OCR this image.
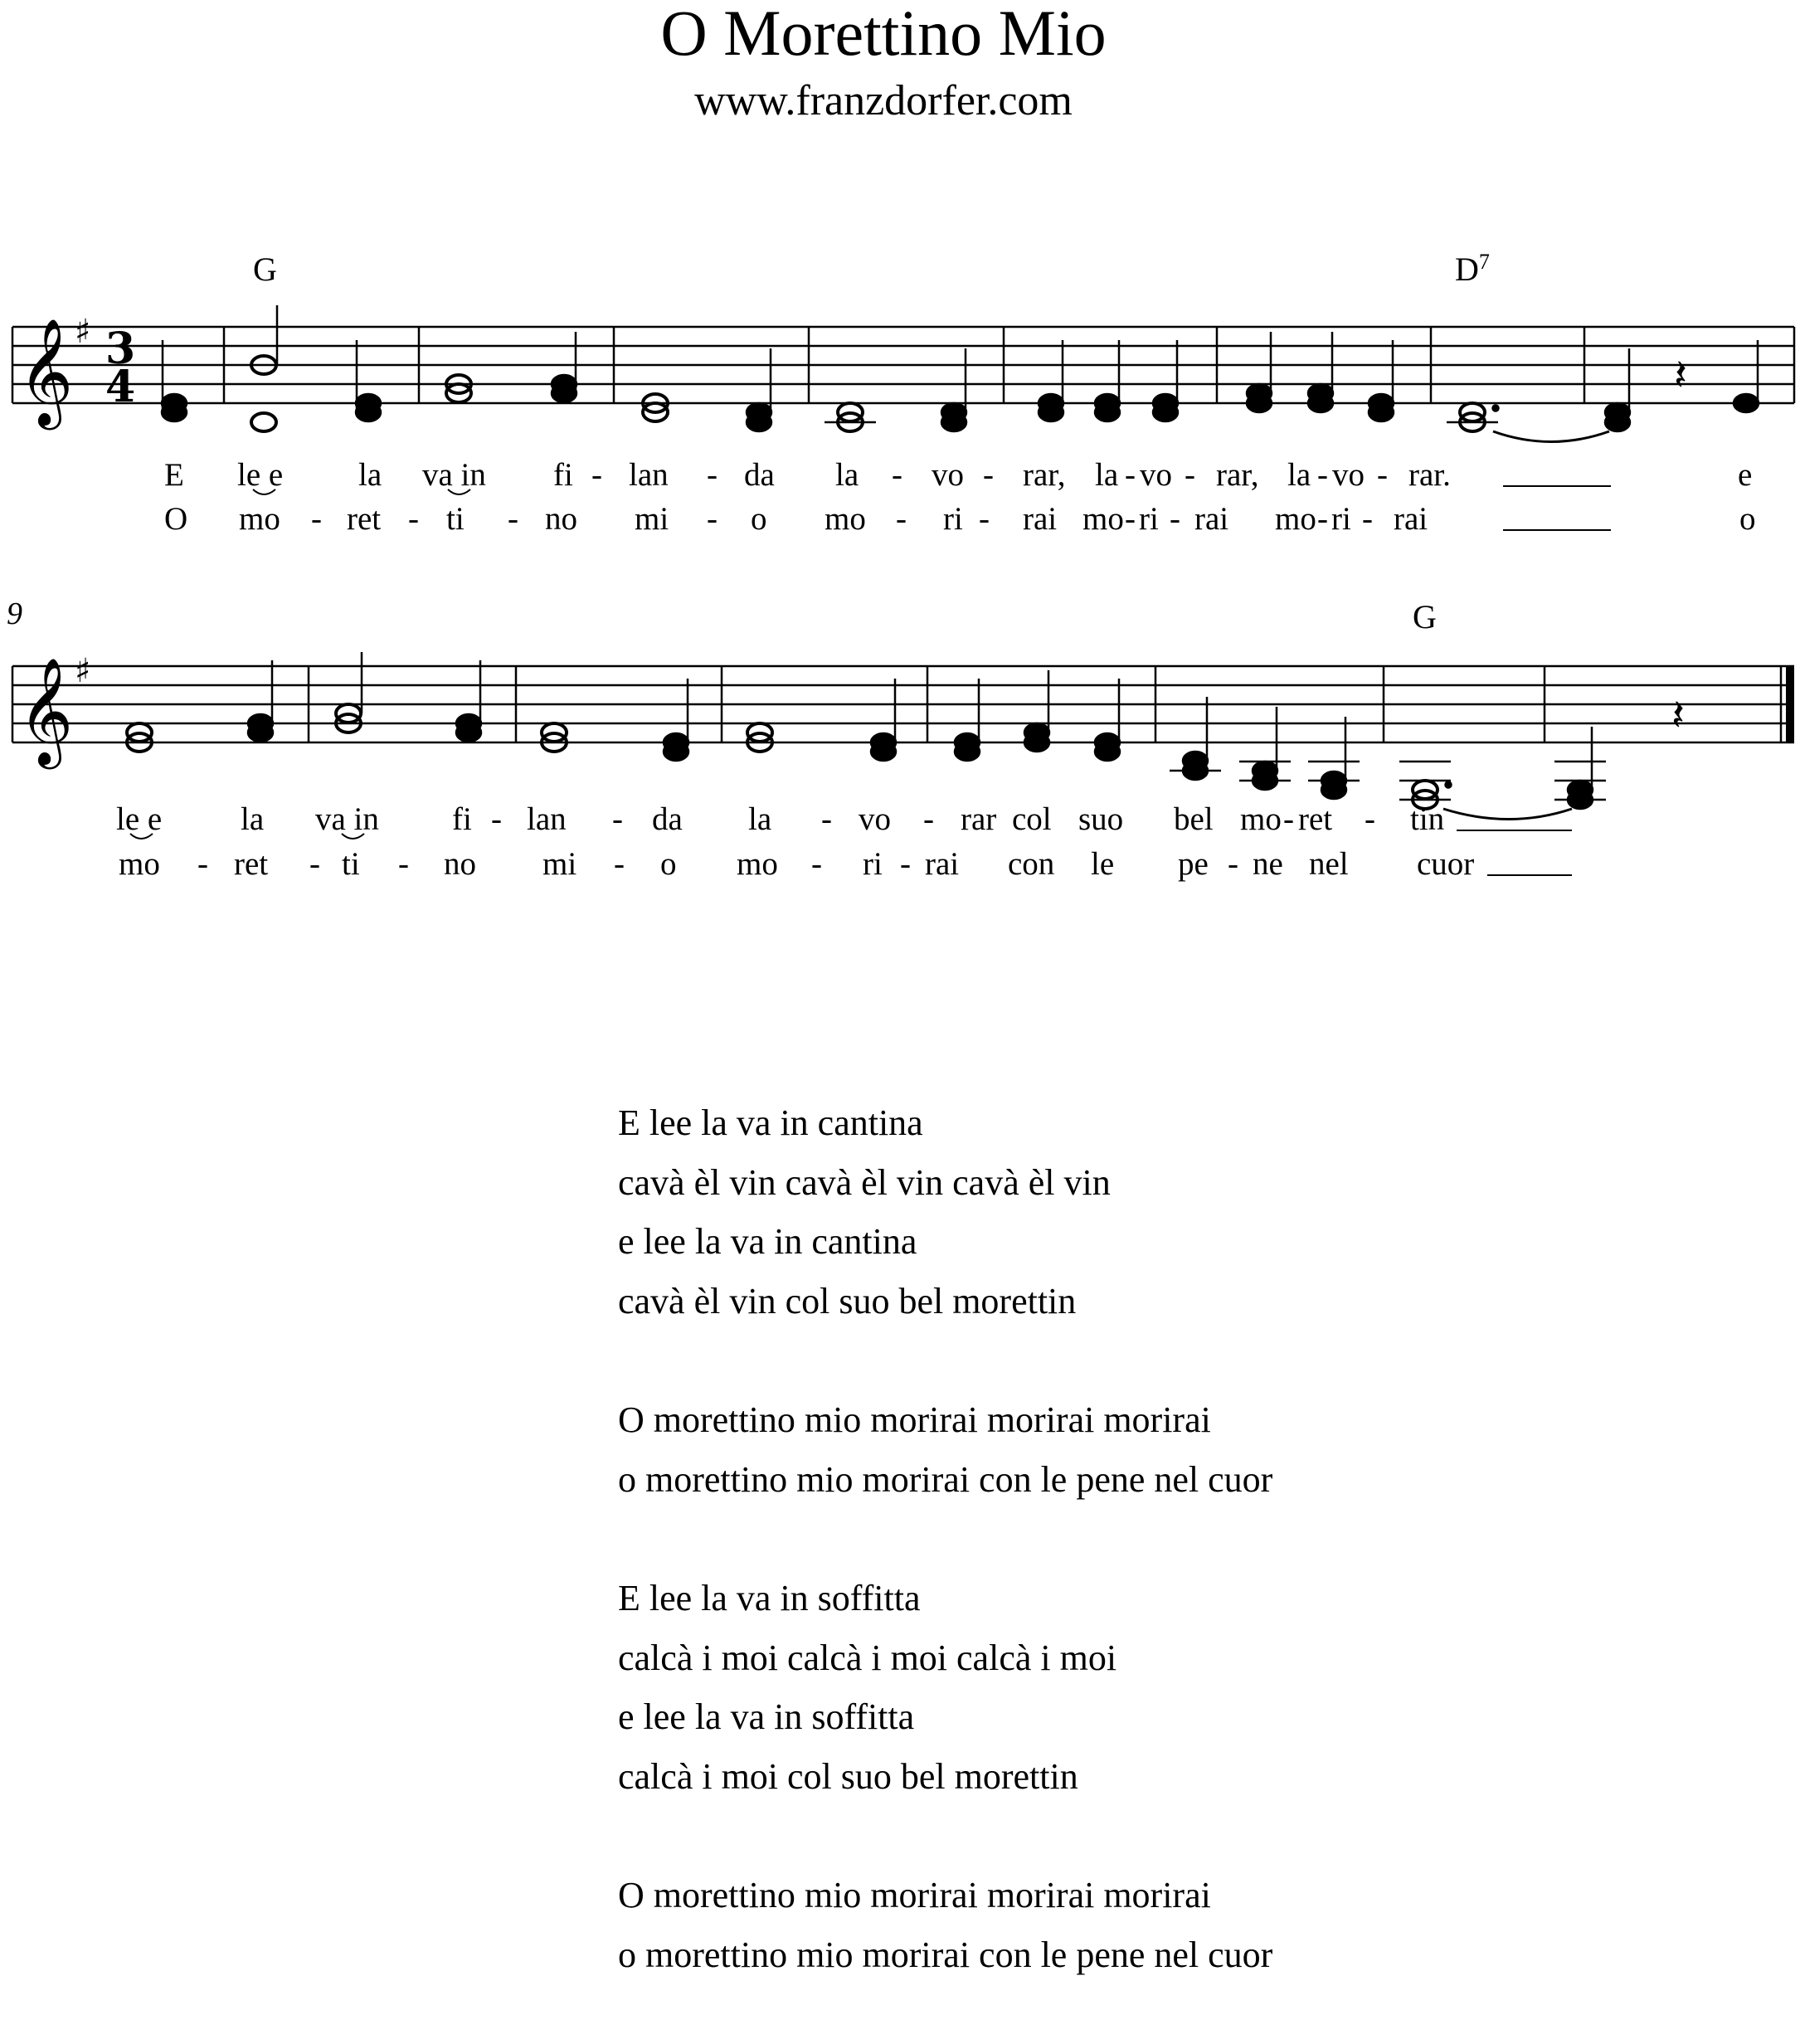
O Morettino Mio
www.franzdorfer.com
𝄞 ♯ 3
4	𝄽
G	$D^7$
E le e la va in fi - lan - da la - vo - rar, la - vo - rar, la - vo - rar.	e
O mo - ret - ti - no mi - o mo - ri - rai mo - ri - rai mo - ri - rai	o
9
𝄞 ♯
𝄽
G
le e la va in fi - lan - da la - vo - rar col suo bel mo - ret - tin
mo - ret - ti - no mi - o mo - ri - rai con le pe - ne nel cuor
E lee la va in cantina
cavà èl vin cavà èl vin cavà èl vin
e lee la va in cantina
cavà èl vin col suo bel morettin
O morettino mio morirai morirai morirai
o morettino mio morirai con le pene nel cuor
E lee la va in soffitta
calcà i moi calcà i moi calcà i moi
e lee la va in soffitta
calcà i moi col suo bel morettin
O morettino mio morirai morirai morirai
o morettino mio morirai con le pene nel cuor
